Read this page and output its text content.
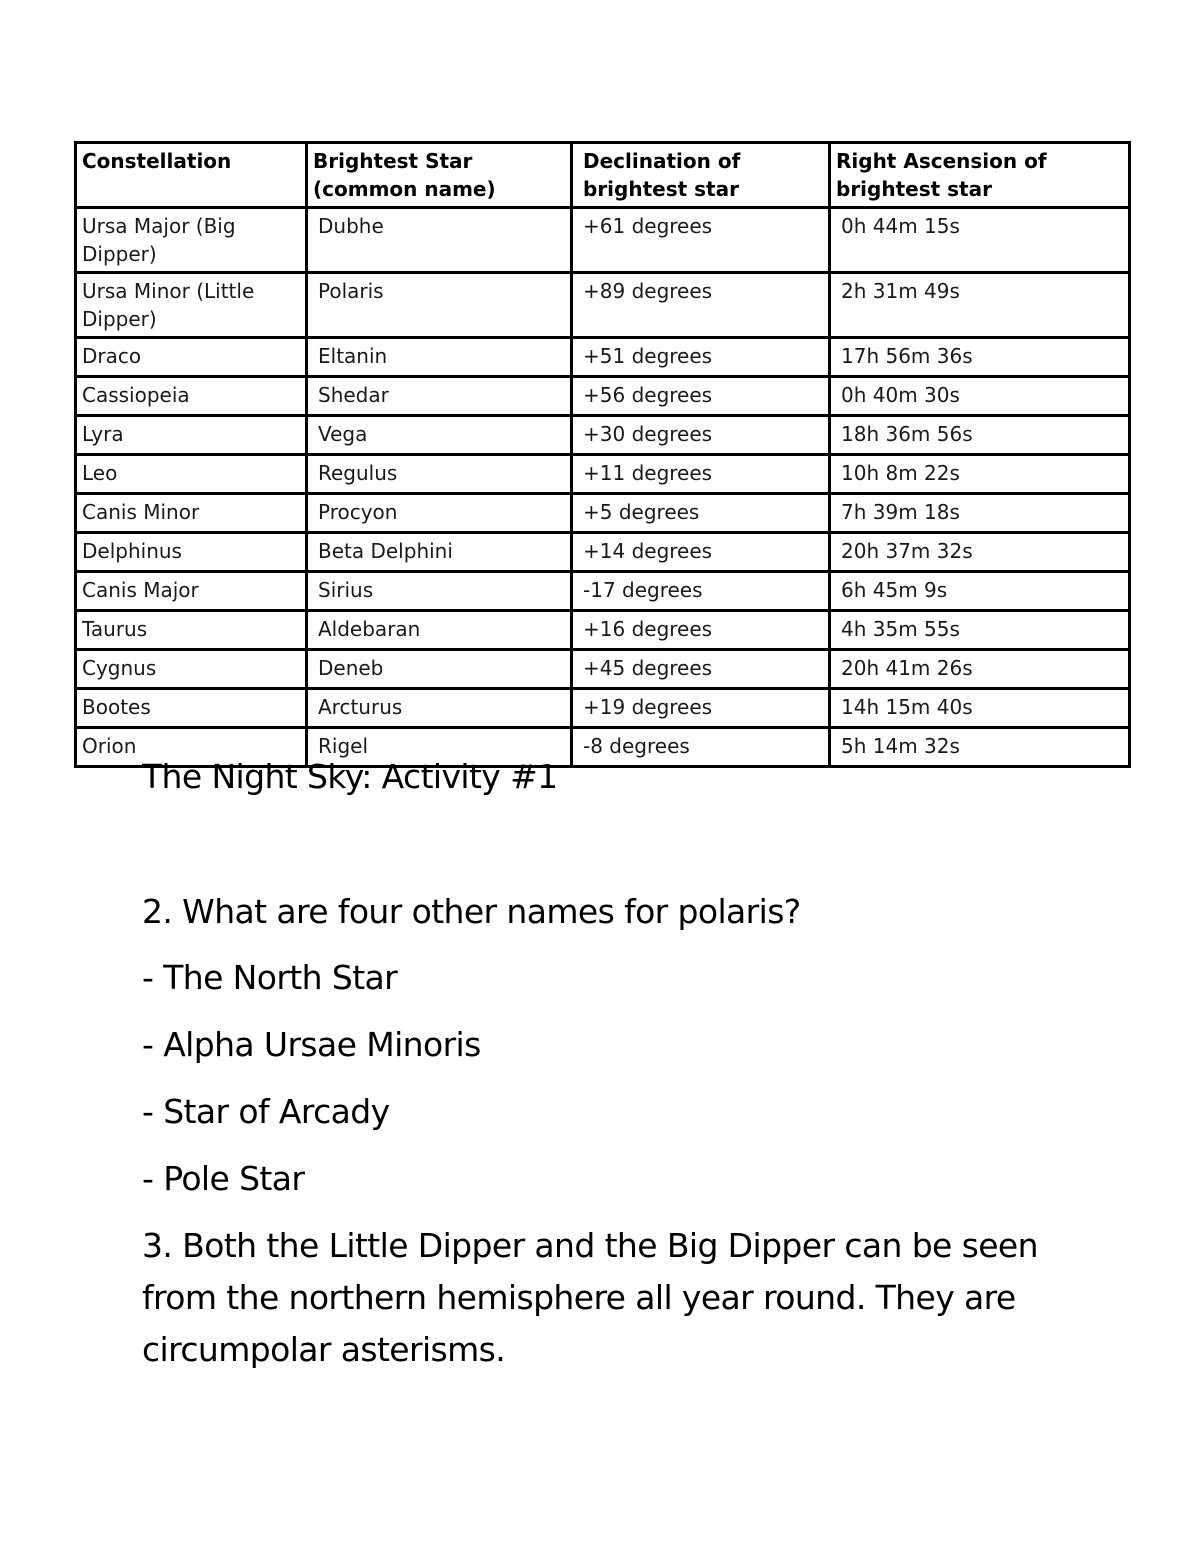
Constellation	Brightest Star (common name)	Declination of brightest star	Right Ascension of brightest star
Ursa Major (Big Dipper)	Dubhe	+61 degrees	0h 44m 15s
Ursa Minor (Little Dipper)	Polaris	+89 degrees	2h 31m 49s
Draco	Eltanin	+51 degrees	17h 56m 36s
Cassiopeia	Shedar	+56 degrees	0h 40m 30s
Lyra	Vega	+30 degrees	18h 36m 56s
Leo	Regulus	+11 degrees	10h 8m 22s
Canis Minor	Procyon	+5 degrees	7h 39m 18s
Delphinus	Beta Delphini	+14 degrees	20h 37m 32s
Canis Major	Sirius	-17 degrees	6h 45m 9s
Taurus	Aldebaran	+16 degrees	4h 35m 55s
Cygnus	Deneb	+45 degrees	20h 41m 26s
Bootes	Arcturus	+19 degrees	14h 15m 40s
Orion	Rigel	-8 degrees	5h 14m 32s

The Night Sky: Activity #1

2. What are four other names for polaris?

- The North Star

- Alpha Ursae Minoris

- Star of Arcady

- Pole Star

3. Both the Little Dipper and the Big Dipper can be seen from the northern hemisphere all year round. They are circumpolar asterisms.
